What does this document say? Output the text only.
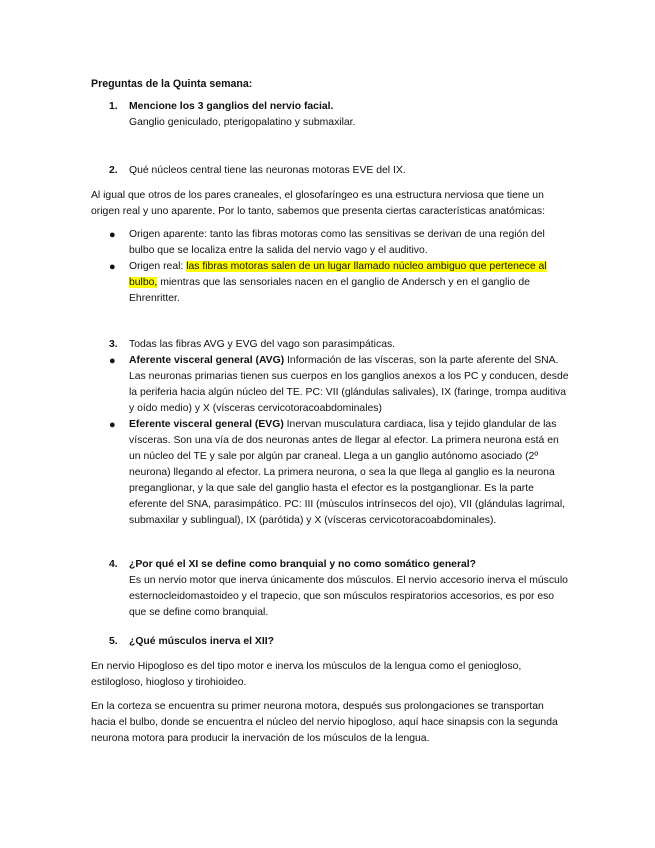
Preguntas de la Quinta semana:

1.	Mencione los 3 ganglios del nervio facial.
Ganglio geniculado, pterigopalatino y submaxilar.
2.	Qué núcleos central tiene las neuronas motoras EVE del IX.

Al igual que otros de los pares craneales, el glosofaríngeo es una estructura nerviosa que tiene un origen real y uno aparente. Por lo tanto, sabemos que presenta ciertas características anatómicas:

●	Origen aparente: tanto las fibras motoras como las sensitivas se derivan de una región del bulbo que se localiza entre la salida del nervio vago y el auditivo.
●	Origen real: las fibras motoras salen de un lugar llamado núcleo ambiguo que pertenece al bulbo, mientras que las sensoriales nacen en el ganglio de Andersch y en el ganglio de Ehrenritter.
3.	Todas las fibras AVG y EVG del vago son parasimpáticas.
●	Aferente visceral general (AVG) Información de las vísceras, son la parte aferente del SNA. Las neuronas primarias tienen sus cuerpos en los ganglios anexos a los PC y conducen, desde la periferia hacia algún núcleo del TE. PC: VII (glándulas salivales), IX (faringe, trompa auditiva y oído medio) y X (vísceras cervicotoracoabdominales)
●	Eferente visceral general (EVG) Inervan musculatura cardiaca, lisa y tejido glandular de las vísceras. Son una vía de dos neuronas antes de llegar al efector. La primera neurona está en un núcleo del TE y sale por algún par craneal. Llega a un ganglio autónomo asociado (2º neurona) llegando al efector. La primera neurona, o sea la que llega al ganglio es la neurona preganglionar, y la que sale del ganglio hasta el efector es la postganglionar. Es la parte eferente del SNA, parasimpático. PC: III (músculos intrínsecos del ojo), VII (glándulas lagrimal, submaxilar y sublingual), IX (parótida) y X (vísceras cervicotoracoabdominales).
4.	¿Por qué el XI se define como branquial y no como somático general?
Es un nervio motor que inerva únicamente dos músculos. El nervio accesorio inerva el músculo esternocleidomastoideo y el trapecio, que son músculos respiratorios accesorios, es por eso que se define como branquial.
5.	¿Qué músculos inerva el XII?

En nervio Hipogloso es del tipo motor e inerva los músculos de la lengua como el geniogloso, estilogloso, hiogloso y tirohioideo.

En la corteza se encuentra su primer neurona motora, después sus prolongaciones se transportan hacia el bulbo, donde se encuentra el núcleo del nervio hipogloso, aquí hace sinapsis con la segunda neurona motora para producir la inervación de los músculos de la lengua.
